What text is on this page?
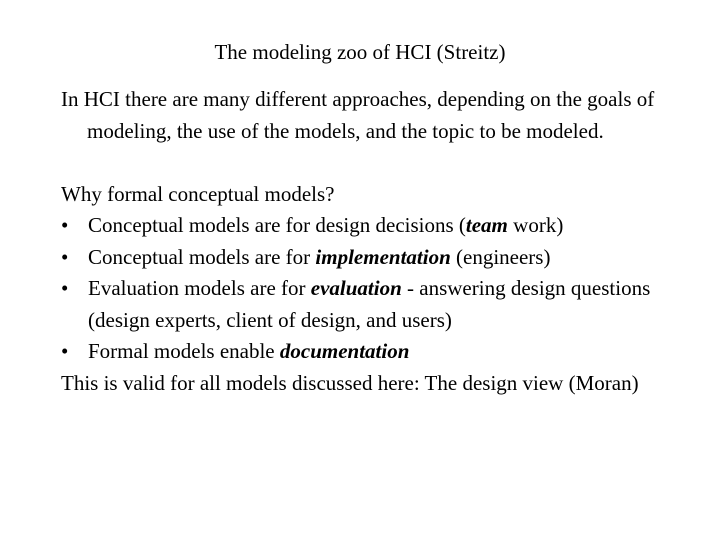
The modeling zoo of HCI (Streitz)

In HCI there are many different approaches, depending on the goals of modeling, the use of the models, and the topic to be modeled.

Why formal conceptual models?

• Conceptual models are for design decisions (team work)

• Conceptual models are for implementation (engineers)

• Evaluation models are for evaluation - answering design questions (design experts, client of design, and users)

• Formal models enable documentation

This is valid for all models discussed here: The design view (Moran)
